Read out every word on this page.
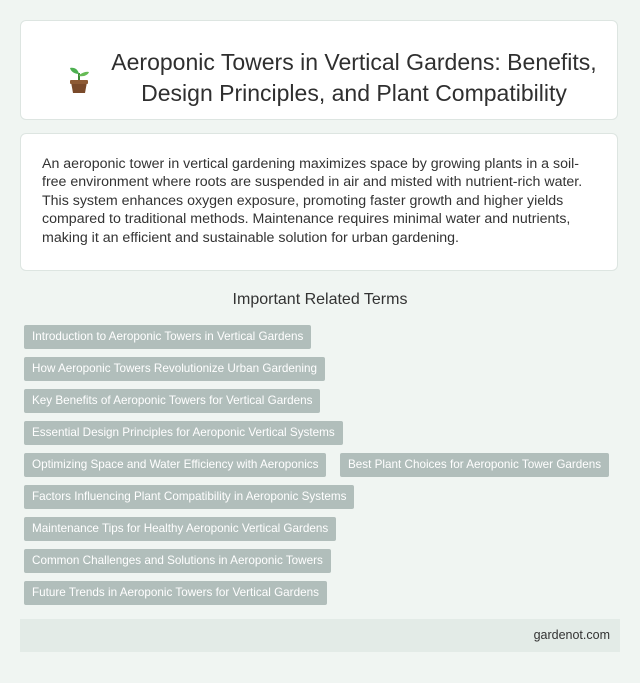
Aeroponic Towers in Vertical Gardens: Benefits, Design Principles, and Plant Compatibility
An aeroponic tower in vertical gardening maximizes space by growing plants in a soil-free environment where roots are suspended in air and misted with nutrient-rich water. This system enhances oxygen exposure, promoting faster growth and higher yields compared to traditional methods. Maintenance requires minimal water and nutrients, making it an efficient and sustainable solution for urban gardening.
Important Related Terms
Introduction to Aeroponic Towers in Vertical Gardens
How Aeroponic Towers Revolutionize Urban Gardening
Key Benefits of Aeroponic Towers for Vertical Gardens
Essential Design Principles for Aeroponic Vertical Systems
Optimizing Space and Water Efficiency with Aeroponics	Best Plant Choices for Aeroponic Tower Gardens
Factors Influencing Plant Compatibility in Aeroponic Systems
Maintenance Tips for Healthy Aeroponic Vertical Gardens
Common Challenges and Solutions in Aeroponic Towers
Future Trends in Aeroponic Towers for Vertical Gardens
gardenot.com
